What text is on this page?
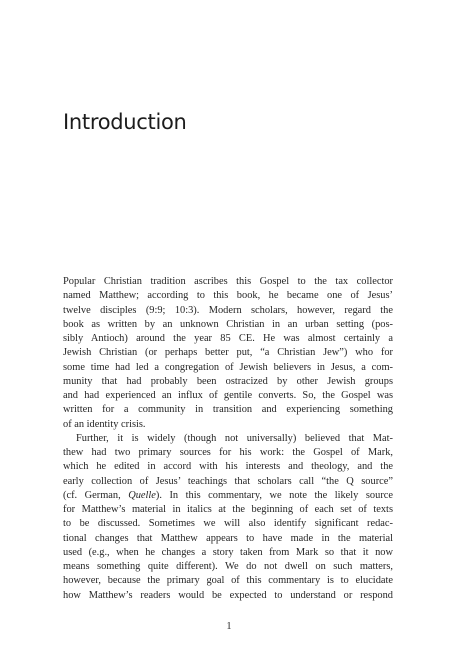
Introduction
Popular Christian tradition ascribes this Gospel to the tax collector
named Matthew; according to this book, he became one of Jesus’
twelve disciples (9:9; 10:3). Modern scholars, however, regard the
book as written by an unknown Christian in an urban setting (pos-
sibly Antioch) around the year 85 CE. He was almost certainly a
Jewish Christian (or perhaps better put, “a Christian Jew”) who for
some time had led a congregation of Jewish believers in Jesus, a com-
munity that had probably been ostracized by other Jewish groups
and had experienced an influx of gentile converts. So, the Gospel was
written for a community in transition and experiencing something
of an identity crisis.
Further, it is widely (though not universally) believed that Mat-
thew had two primary sources for his work: the Gospel of Mark,
which he edited in accord with his interests and theology, and the
early collection of Jesus’ teachings that scholars call “the Q source”
(cf. German, Quelle). In this commentary, we note the likely source
for Matthew’s material in italics at the beginning of each set of texts
to be discussed. Sometimes we will also identify significant redac-
tional changes that Matthew appears to have made in the material
used (e.g., when he changes a story taken from Mark so that it now
means something quite different). We do not dwell on such matters,
however, because the primary goal of this commentary is to elucidate
how Matthew’s readers would be expected to understand or respond
1
